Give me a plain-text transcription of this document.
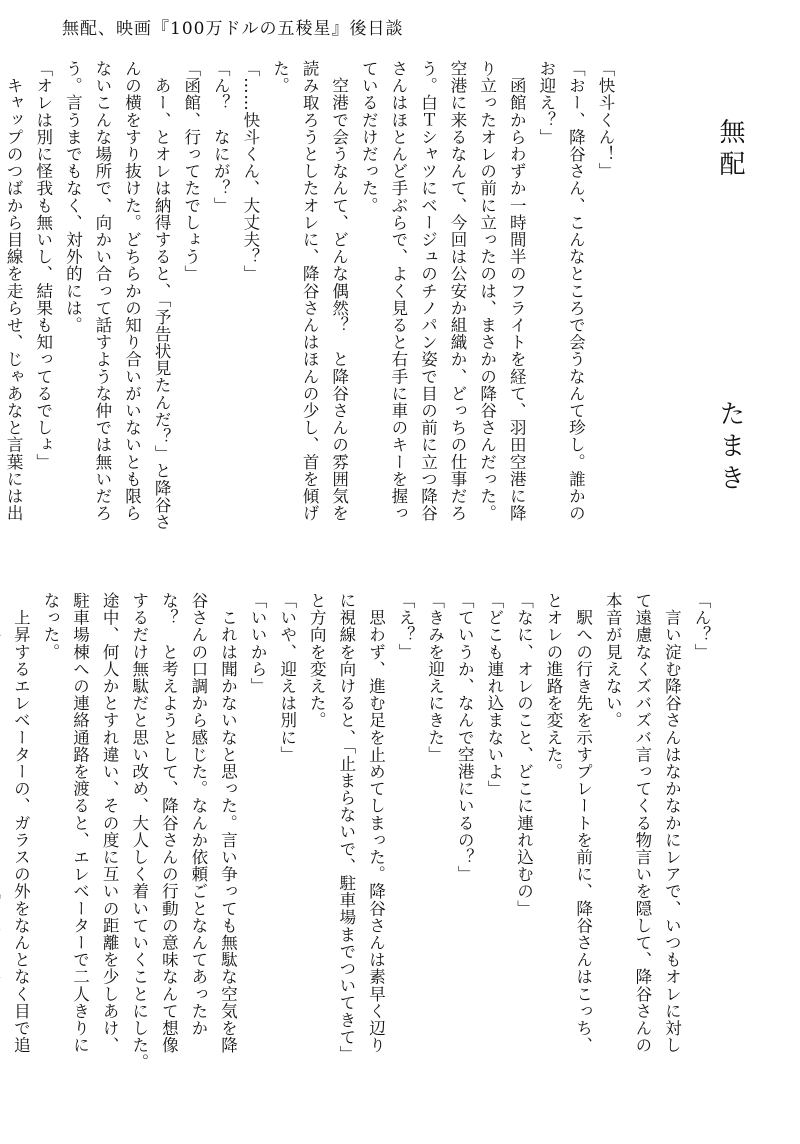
無配、映画『100万ドルの五稜星』後日談
無配
たまき

「快斗くん！」

「おー、降谷さん、こんなところで会うなんて珍し。誰かの

お迎え？」

　函館からわずか一時間半のフライトを経て、羽田空港に降

り立ったオレの前に立ったのは、まさかの降谷さんだった。

空港に来るなんて、今回は公安か組織か、どっちの仕事だろ

う。白Ｔシャツにベージュのチノパン姿で目の前に立つ降谷

さんはほとんど手ぶらで、よく見ると右手に車のキーを握っ

ているだけだった。

　空港で会うなんて、どんな偶然？　と降谷さんの雰囲気を

読み取ろうとしたオレに、降谷さんはほんの少し、首を傾げ

た。

「……快斗くん、大丈夫？」

「ん？　なにが？」

「函館、行ってたでしょう」

　あー、とオレは納得すると、「予告状見たんだ？」と降谷さ

んの横をすり抜けた。どちらかの知り合いがいないとも限ら

ないこんな場所で、向かい合って話すような仲では無いだろ

う。言うまでもなく、対外的には。

「オレは別に怪我も無いし、結果も知ってるでしょ」

　キャップのつばから目線を走らせ、じゃあなと言葉には出

「ん？」

　言い淀む降谷さんはなかなかにレアで、いつもオレに対し

て遠慮なくズバズバ言ってくる物言いを隠して、降谷さんの

本音が見えない。

　駅への行き先を示すプレートを前に、降谷さんはこっち、

とオレの進路を変えた。

「なに、オレのこと、どこに連れ込むの」

「どこも連れ込まないよ」

「ていうか、なんで空港にいるの？」

「きみを迎えにきた」

「え？」

　思わず、進む足を止めてしまった。降谷さんは素早く辺り

に視線を向けると、「止まらないで、駐車場までついてきて」

と方向を変えた。

「いや、迎えは別に」

「いいから」

　これは聞かないなと思った。言い争っても無駄な空気を降

谷さんの口調から感じた。なんか依頼ごとなんてあったか

な？　と考えようとして、降谷さんの行動の意味なんて想像

するだけ無駄だと思い改め、大人しく着いていくことにした。

途中、何人かとすれ違い、その度に互いの距離を少しあけ、

駐車場棟への連絡通路を渡ると、エレベーターで二人きりに

なった。

　上昇するエレベーターの、ガラスの外をなんとなく目で追
